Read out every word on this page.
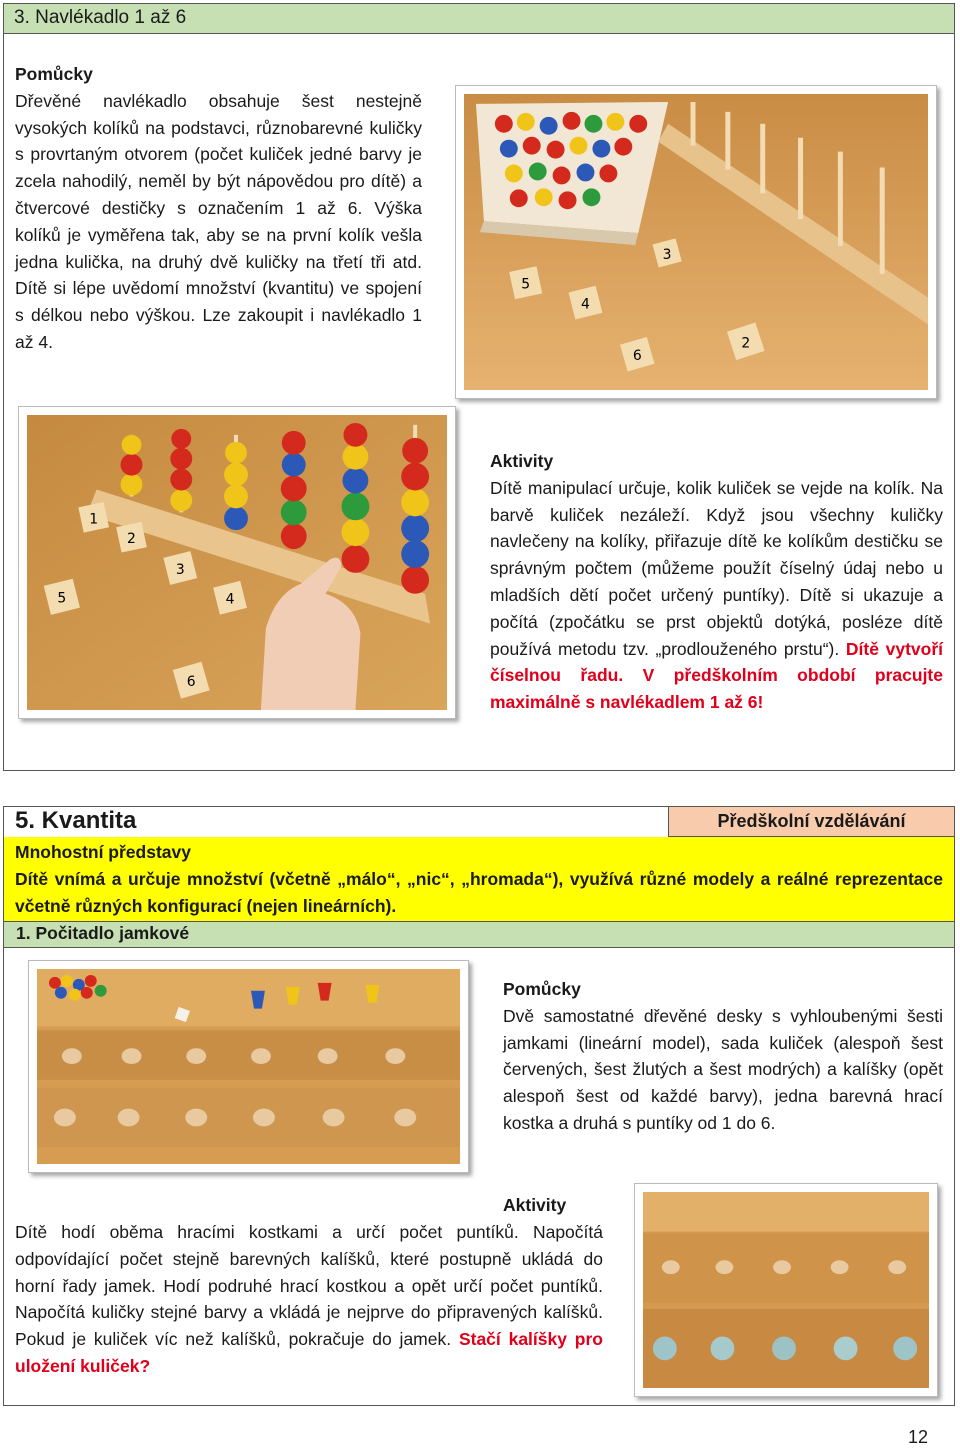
3. Navlékadlo 1 až 6

Pomůcky

Dřevěné navlékadlo obsahuje šest nestejně vysokých kolíků na podstavci, různobarevné kuličky s provrtaným otvorem (počet kuliček jedné barvy je zcela nahodilý, neměl by být nápovědou pro dítě) a čtvercové destičky s označením 1 až 6. Výška kolíků je vyměřena tak, aby se na první kolík vešla jedna kulička, na druhý dvě kuličky na třetí tři atd. Dítě si lépe uvědomí množství (kvantitu) ve spojení s délkou nebo výškou. Lze zakoupit i navlékadlo 1 až 4.

3
5
4
6
2
1
2
3
5	4
6

Aktivity

Dítě manipulací určuje, kolik kuliček se vejde na kolík. Na barvě kuliček nezáleží. Když jsou všechny kuličky navlečeny na kolíky, přiřazuje dítě ke kolíkům destičku se správným počtem (můžeme použít číselný údaj nebo u mladších dětí počet určený puntíky). Dítě si ukazuje a počítá (zpočátku se prst objektů dotýká, posléze dítě používá metodu tzv. „prodlouženého prstu“). Dítě vytvoří číselnou řadu. V předškolním období pracujte maximálně s navlékadlem 1 až 6!

5. Kvantita	Předškolní vzdělávání

Mnohostní představy

Dítě vnímá a určuje množství (včetně „málo“, „nic“, „hromada“), využívá různé modely a reálné reprezentace včetně různých konfigurací (nejen lineárních).

1. Počitadlo jamkové

Pomůcky

Dvě samostatné dřevěné desky s vyhloubenými šesti jamkami (lineární model), sada kuliček (alespoň šest červených, šest žlutých a šest modrých) a kalíšky (opět alespoň šest od každé barvy), jedna barevná hrací kostka a druhá s puntíky od 1 do 6.

Aktivity

Dítě hodí oběma hracími kostkami a určí počet puntíků. Napočítá odpovídající počet stejně barevných kalíšků, které postupně ukládá do horní řady jamek. Hodí podruhé hrací kostkou a opět určí počet puntíků. Napočítá kuličky stejné barvy a vkládá je nejprve do připravených kalíšků. Pokud je kuliček víc než kalíšků, pokračuje do jamek. Stačí kalíšky pro uložení kuliček?

12
